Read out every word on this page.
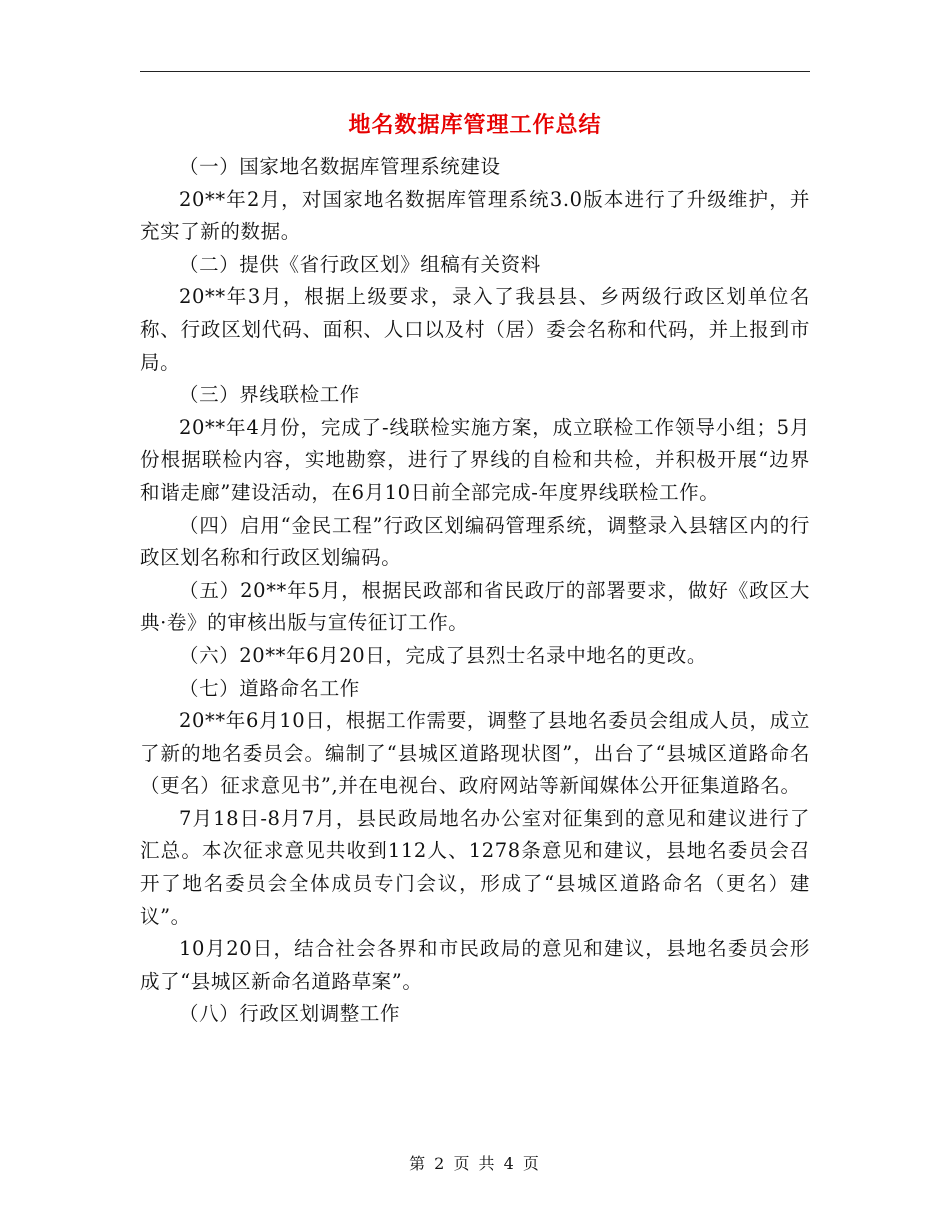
地名数据库管理工作总结

（一）国家地名数据库管理系统建设

20**年2月，对国家地名数据库管理系统3.0版本进行了升级维护，并充实了新的数据。

（二）提供《省行政区划》组稿有关资料

20**年3月，根据上级要求，录入了我县县、乡两级行政区划单位名称、行政区划代码、面积、人口以及村（居）委会名称和代码，并上报到市局。

（三）界线联检工作

20**年4月份，完成了-线联检实施方案，成立联检工作领导小组；5月份根据联检内容，实地勘察，进行了界线的自检和共检，并积极开展“边界和谐走廊”建设活动，在6月10日前全部完成-年度界线联检工作。

（四）启用“金民工程”行政区划编码管理系统，调整录入县辖区内的行政区划名称和行政区划编码。

（五）20**年5月，根据民政部和省民政厅的部署要求，做好《政区大典·卷》的审核出版与宣传征订工作。

（六）20**年6月20日，完成了县烈士名录中地名的更改。

（七）道路命名工作

20**年6月10日，根据工作需要，调整了县地名委员会组成人员，成立了新的地名委员会。编制了“县城区道路现状图”，出台了“县城区道路命名（更名）征求意见书”,并在电视台、政府网站等新闻媒体公开征集道路名。

7月18日-8月7月，县民政局地名办公室对征集到的意见和建议进行了汇总。本次征求意见共收到112人、1278条意见和建议，县地名委员会召开了地名委员会全体成员专门会议，形成了“县城区道路命名（更名）建议”。

10月20日，结合社会各界和市民政局的意见和建议，县地名委员会形成了“县城区新命名道路草案”。

（八）行政区划调整工作

第 2 页 共 4 页
